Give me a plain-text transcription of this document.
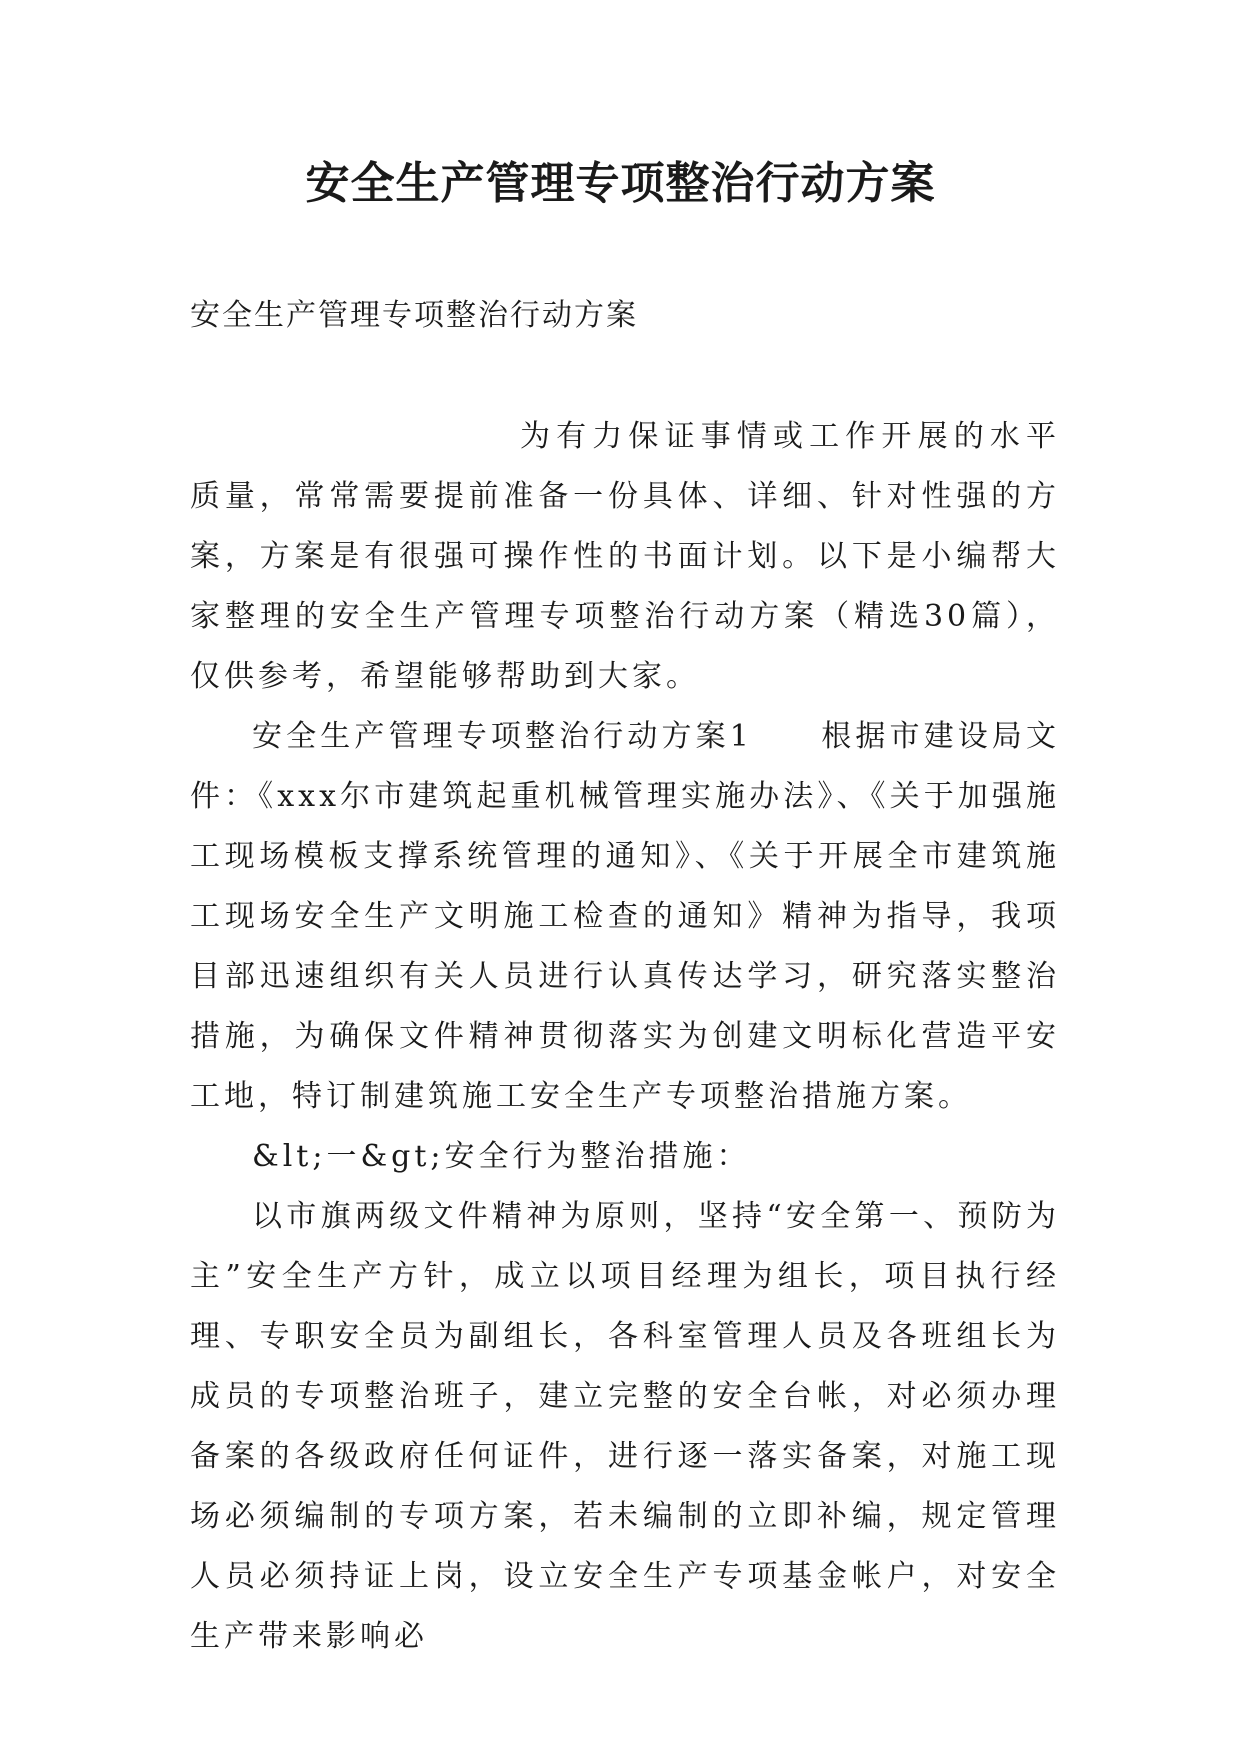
安全生产管理专项整治行动方案

安全生产管理专项整治行动方案

为有力保证事情或工作开展的水平质量，常常需要提前准备一份具体、详细、针对性强的方案，方案是有很强可操作性的书面计划。以下是小编帮大家整理的安全生产管理专项整治行动方案（精选30篇），仅供参考，希望能够帮助到大家。

安全生产管理专项整治行动方案1　　根据市建设局文件：《xxx尔市建筑起重机械管理实施办法》、《关于加强施工现场模板支撑系统管理的通知》、《关于开展全市建筑施工现场安全生产文明施工检查的通知》精神为指导，我项目部迅速组织有关人员进行认真传达学习，研究落实整治措施，为确保文件精神贯彻落实为创建文明标化营造平安工地，特订制建筑施工安全生产专项整治措施方案。

&lt;一&gt;安全行为整治措施：

以市旗两级文件精神为原则，坚持“安全第一、预防为主”安全生产方针，成立以项目经理为组长，项目执行经理、专职安全员为副组长，各科室管理人员及各班组长为成员的专项整治班子，建立完整的安全台帐，对必须办理备案的各级政府任何证件，进行逐一落实备案，对施工现场必须编制的专项方案，若未编制的立即补编，规定管理人员必须持证上岗，设立安全生产专项基金帐户，对安全生产带来影响必
